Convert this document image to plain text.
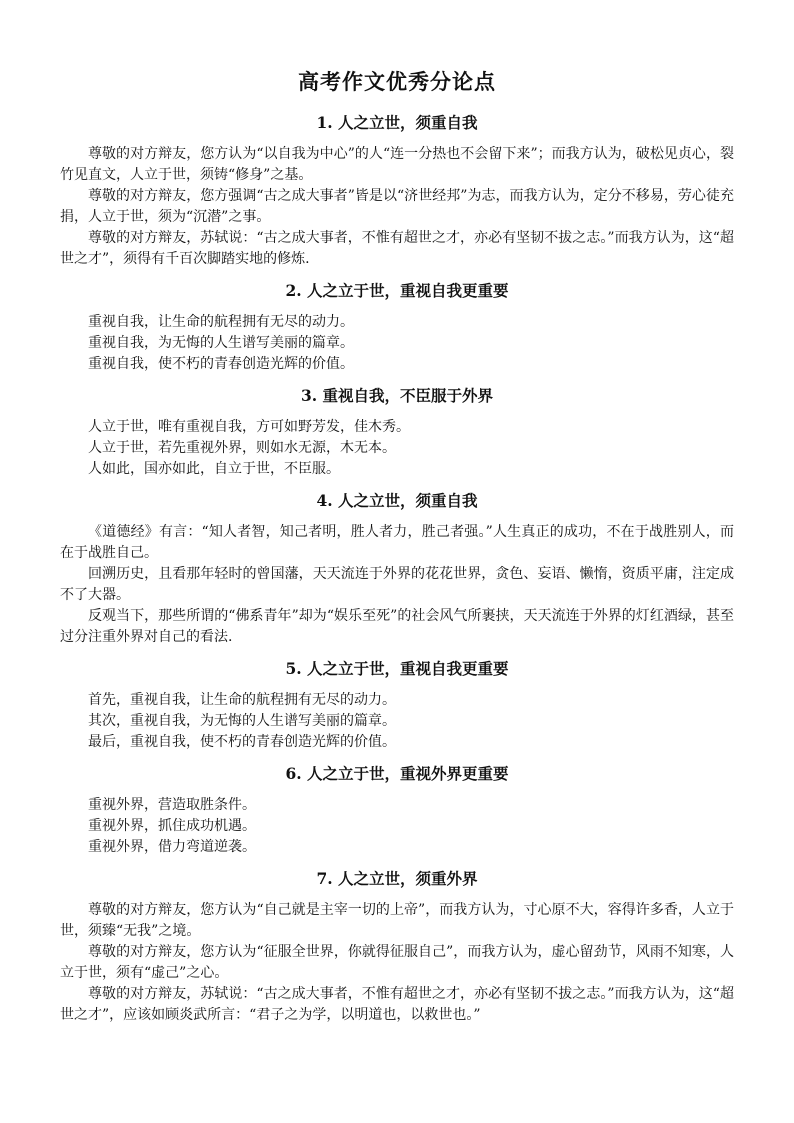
高考作文优秀分论点
1. 人之立世，须重自我

尊敬的对方辩友，您方认为“以自我为中心”的人“连一分热也不会留下来”；而我方认为，破松见贞心，裂竹见直文，人立于世，须铸“修身”之基。

尊敬的对方辩友，您方强调“古之成大事者”皆是以“济世经邦”为志，而我方认为，定分不移易，劳心徒充捐，人立于世，须为“沉潜”之事。

尊敬的对方辩友，苏轼说：“古之成大事者，不惟有超世之才，亦必有坚韧不拔之志。”而我方认为，这“超世之才”，须得有千百次脚踏实地的修炼.

2. 人之立于世，重视自我更重要

重视自我，让生命的航程拥有无尽的动力。

重视自我，为无悔的人生谱写美丽的篇章。

重视自我，使不朽的青春创造光辉的价值。

3. 重视自我，不臣服于外界

人立于世，唯有重视自我，方可如野芳发，佳木秀。

人立于世，若先重视外界，则如水无源，木无本。

人如此，国亦如此，自立于世，不臣服。

4. 人之立世，须重自我

《道德经》有言：“知人者智，知己者明，胜人者力，胜己者强。”人生真正的成功，不在于战胜别人，而在于战胜自己。

回溯历史，且看那年轻时的曾国藩，天天流连于外界的花花世界，贪色、妄语、懒惰，资质平庸，注定成不了大器。

反观当下，那些所谓的“佛系青年”却为“娱乐至死”的社会风气所裹挟，天天流连于外界的灯红酒绿，甚至过分注重外界对自己的看法.

5. 人之立于世，重视自我更重要

首先，重视自我，让生命的航程拥有无尽的动力。

其次，重视自我，为无悔的人生谱写美丽的篇章。

最后，重视自我，使不朽的青春创造光辉的价值。

6. 人之立于世，重视外界更重要

重视外界，营造取胜条件。

重视外界，抓住成功机遇。

重视外界，借力弯道逆袭。

7. 人之立世，须重外界

尊敬的对方辩友，您方认为“自己就是主宰一切的上帝”，而我方认为，寸心原不大，容得许多香，人立于世，须臻“无我”之境。

尊敬的对方辩友，您方认为“征服全世界，你就得征服自己”，而我方认为，虚心留劲节，风雨不知寒，人立于世，须有“虚己”之心。

尊敬的对方辩友，苏轼说：“古之成大事者，不惟有超世之才，亦必有坚韧不拔之志。”而我方认为，这“超世之才”，应该如顾炎武所言：“君子之为学，以明道也，以救世也。”
